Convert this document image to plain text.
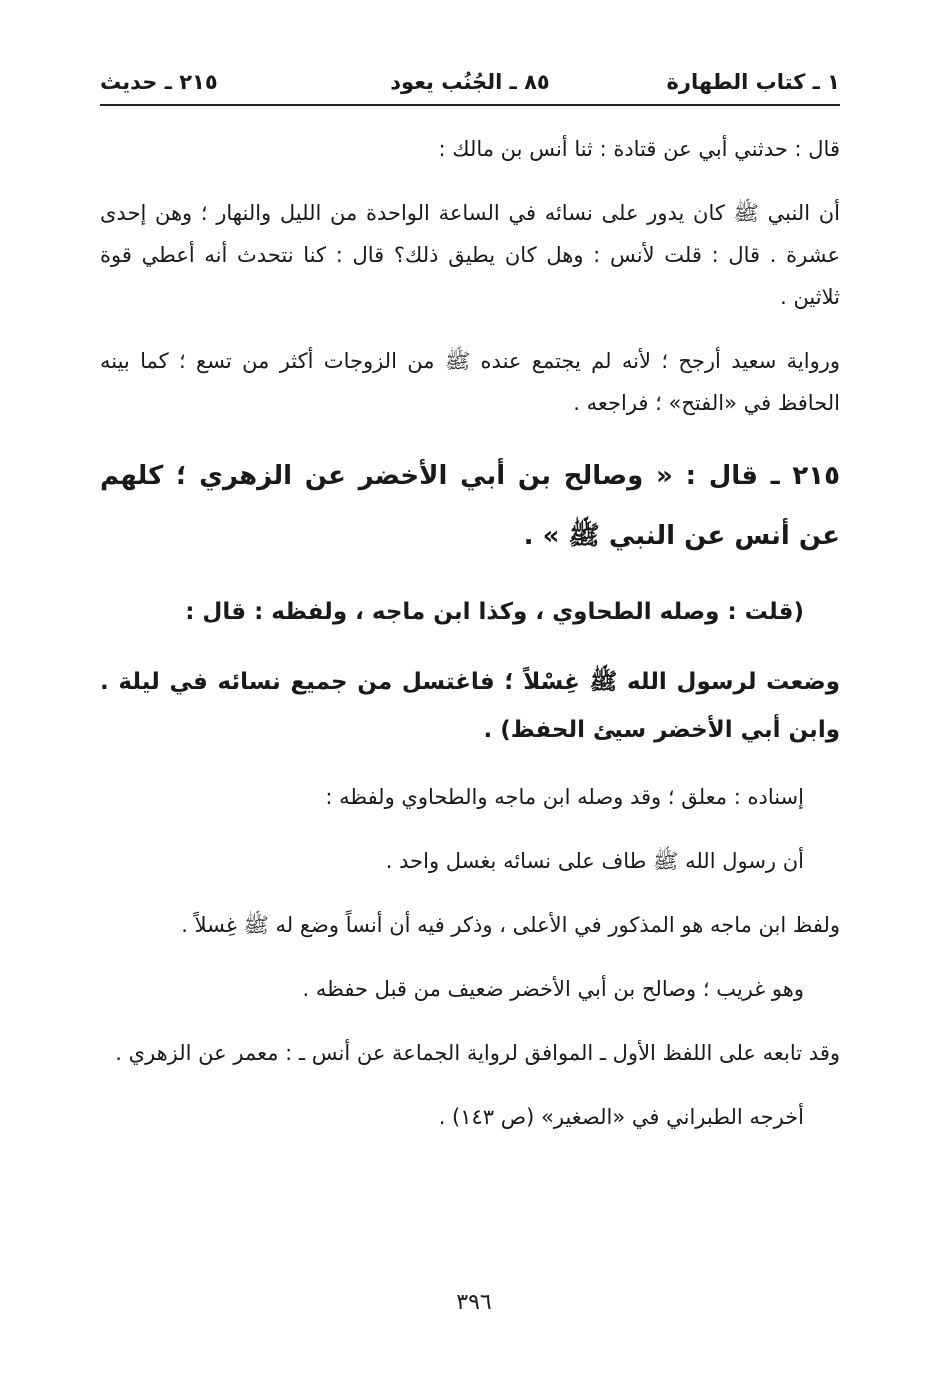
١ ـ كتاب الطهارة
٨٥ ـ الجُنُب يعود
٢١٥ ـ حديث

قال : حدثني أبي عن قتادة : ثنا أنس بن مالك :

أن النبي ﷺ كان يدور على نسائه في الساعة الواحدة من الليل والنهار ؛ وهن إحدى عشرة . قال : قلت لأنس : وهل كان يطيق ذلك؟ قال : كنا نتحدث أنه أعطي قوة ثلاثين .

ورواية سعيد أرجح ؛ لأنه لم يجتمع عنده ﷺ من الزوجات أكثر من تسع ؛ كما بينه الحافظ في «الفتح» ؛ فراجعه .

٢١٥ ـ قال : « وصالح بن أبي الأخضر عن الزهري ؛ كلهم عن أنس عن النبي ﷺ » .

(قلت : وصله الطحاوي ، وكذا ابن ماجه ، ولفظه : قال :

وضعت لرسول الله ﷺ غِسْلاً ؛ فاغتسل من جميع نسائه في ليلة . وابن أبي الأخضر سيئ الحفظ) .

إسناده : معلق ؛ وقد وصله ابن ماجه والطحاوي ولفظه :

أن رسول الله ﷺ طاف على نسائه بغسل واحد .

ولفظ ابن ماجه هو المذكور في الأعلى ، وذكر فيه أن أنساً وضع له ﷺ غِسلاً .

وهو غريب ؛ وصالح بن أبي الأخضر ضعيف من قبل حفظه .

وقد تابعه على اللفظ الأول ـ الموافق لرواية الجماعة عن أنس ـ : معمر عن الزهري .

أخرجه الطبراني في «الصغير» (ص ١٤٣) .

٣٩٦
